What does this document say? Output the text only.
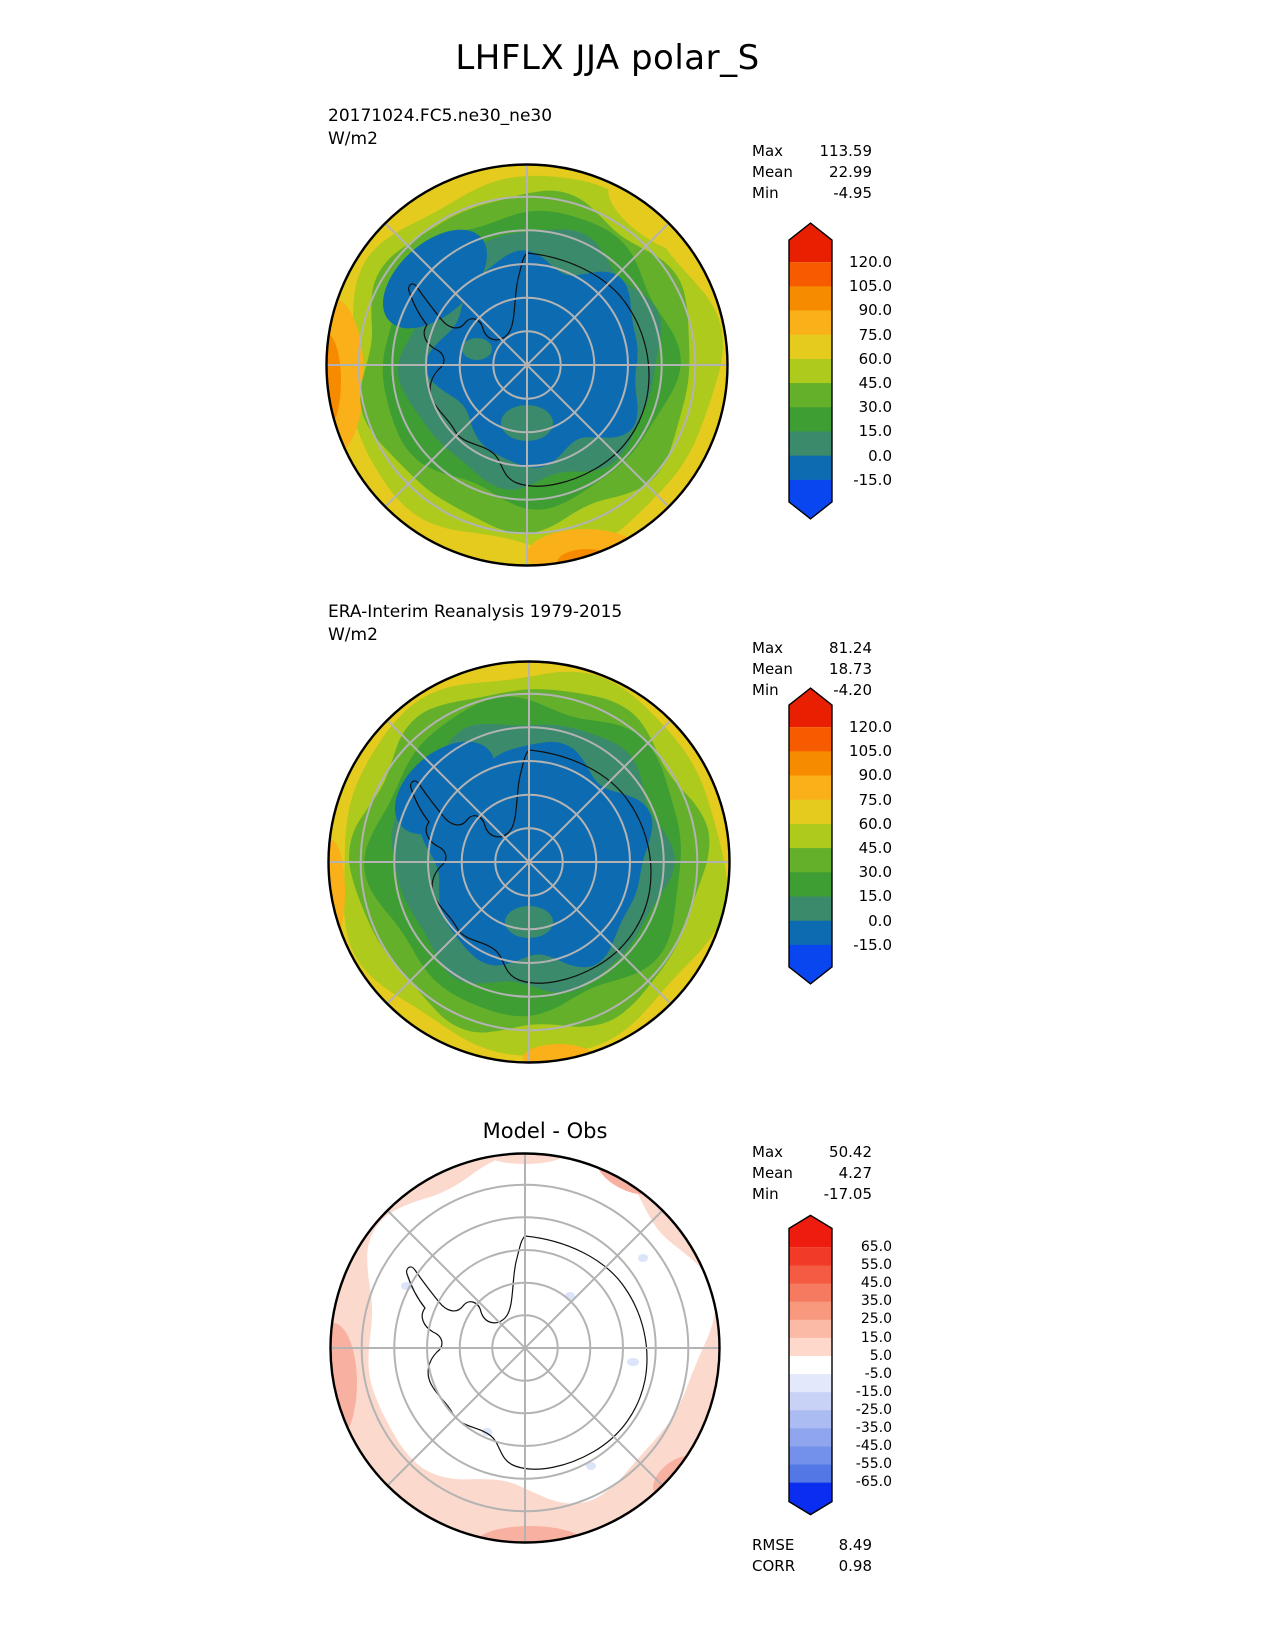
LHFLX JJA polar_S
20171024.FC5.ne30_ne30
W/m2
Max 113.59
Mean 22.99
Min	-4.95
120.0
105.0
90.0
75.0
60.0
45.0
30.0
15.0
0.0
-15.0
ERA-Interim Reanalysis 1979-2015
W/m2
Max	81.24
Mean 18.73
Min	-4.20
120.0
105.0
90.0
75.0
60.0
45.0
30.0
15.0
0.0
-15.0
Model - Obs
Max	50.42
Mean	4.27
Min	-17.05
65.0
55.0
45.0
35.0
25.0
15.0
5.0
-5.0
-15.0
-25.0
-35.0
-45.0
-55.0
-65.0
RMSE	8.49
CORR	0.98
